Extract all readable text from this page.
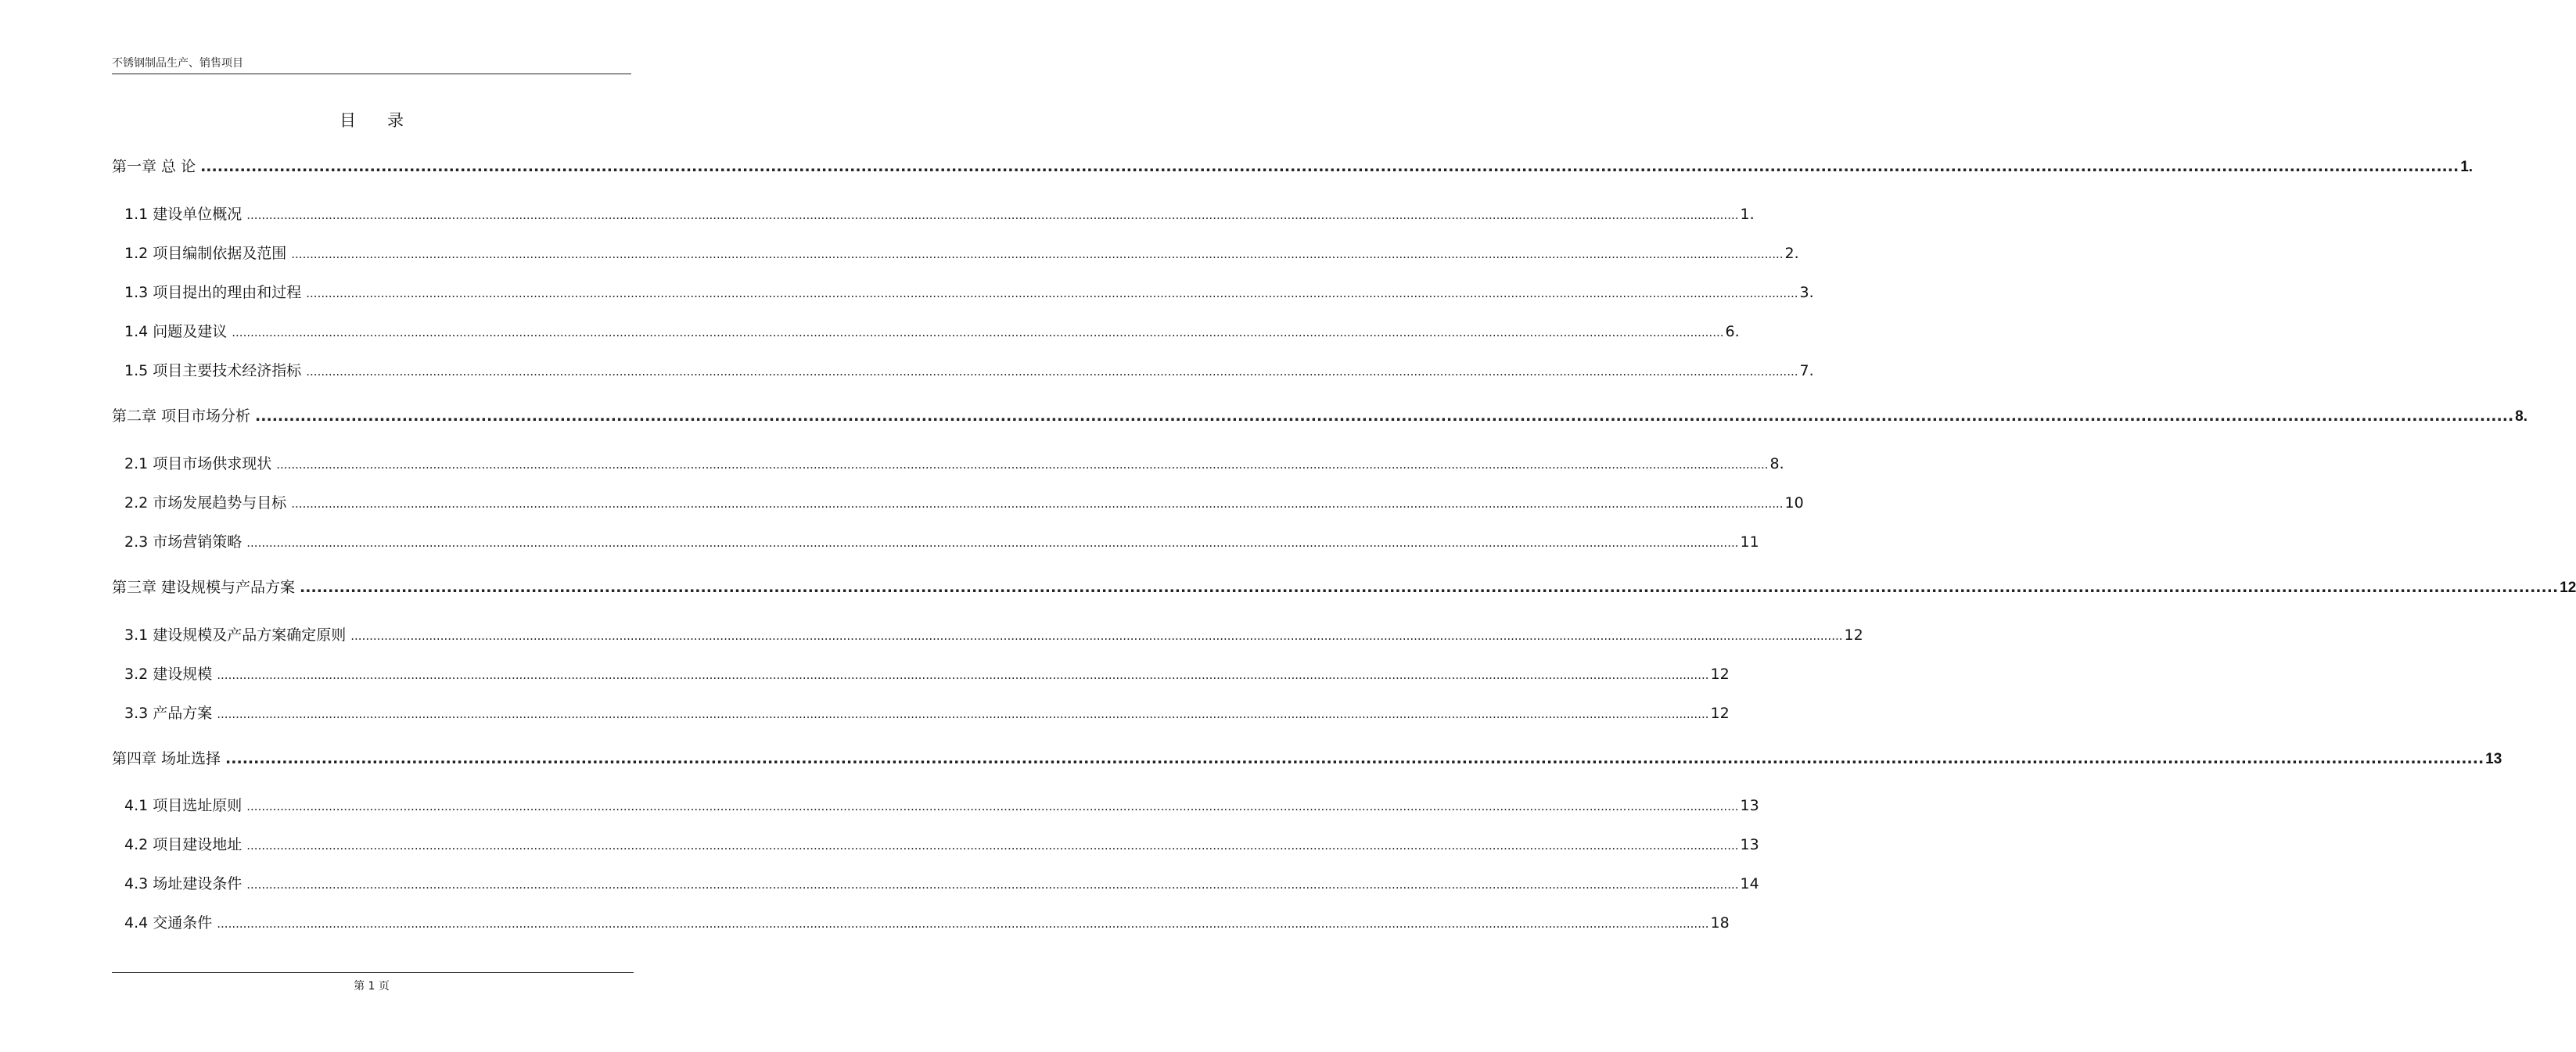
不锈钢制品生产、销售项目
目录
第一章 总 论 ................................................................................................................................................................................................................................................................................................................................................................................................................ 1.
1.1 建设单位概况 ................................................................................................................................................................................................................................................................................................................................................................................................................ 1.
1.2 项目编制依据及范围 ................................................................................................................................................................................................................................................................................................................................................................................................................ 2.
1.3 项目提出的理由和过程 ................................................................................................................................................................................................................................................................................................................................................................................................................ 3.
1.4 问题及建议 ................................................................................................................................................................................................................................................................................................................................................................................................................ 6.
1.5 项目主要技术经济指标 ................................................................................................................................................................................................................................................................................................................................................................................................................ 7.
第二章 项目市场分析 ................................................................................................................................................................................................................................................................................................................................................................................................................ 8.
2.1 项目市场供求现状 ................................................................................................................................................................................................................................................................................................................................................................................................................ 8.
2.2 市场发展趋势与目标 ................................................................................................................................................................................................................................................................................................................................................................................................................ 10
2.3 市场营销策略 ................................................................................................................................................................................................................................................................................................................................................................................................................ 11
第三章 建设规模与产品方案 ................................................................................................................................................................................................................................................................................................................................................................................................................ 12
3.1 建设规模及产品方案确定原则 ................................................................................................................................................................................................................................................................................................................................................................................................................ 12
3.2 建设规模 ................................................................................................................................................................................................................................................................................................................................................................................................................ 12
3.3 产品方案 ................................................................................................................................................................................................................................................................................................................................................................................................................ 12
第四章 场址选择 ................................................................................................................................................................................................................................................................................................................................................................................................................ 13
4.1 项目选址原则 ................................................................................................................................................................................................................................................................................................................................................................................................................ 13
4.2 项目建设地址 ................................................................................................................................................................................................................................................................................................................................................................................................................ 13
4.3 场址建设条件 ................................................................................................................................................................................................................................................................................................................................................................................................................ 14
4.4 交通条件 ................................................................................................................................................................................................................................................................................................................................................................................................................ 18
第 1 页
